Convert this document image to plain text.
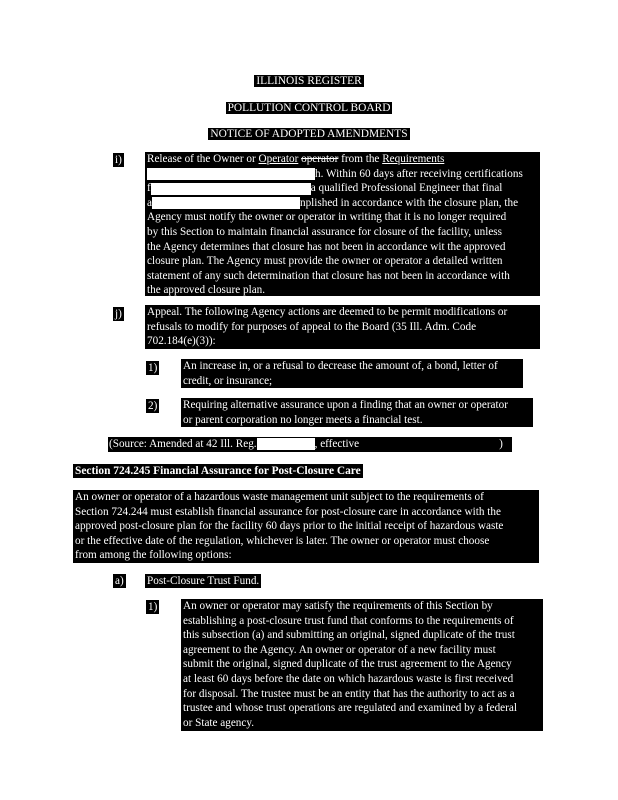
ILLINOIS REGISTER
POLLUTION CONTROL BOARD
NOTICE OF ADOPTED AMENDMENTS
i) Release of the Owner or Operator operator from the Requirements
h. Within 60 days after receiving certifications
f	a qualified Professional Engineer that final
a	nplished in accordance with the closure plan, the
Agency must notify the owner or operator in writing that it is no longer required
by this Section to maintain financial assurance for closure of the facility, unless
the Agency determines that closure has not been in accordance wit the approved
closure plan. The Agency must provide the owner or operator a detailed written
statement of any such determination that closure has not been in accordance with
the approved closure plan.
j) Appeal. The following Agency actions are deemed to be permit modifications or
refusals to modify for purposes of appeal to the Board (35 Ill. Adm. Code
702.184(e)(3)):
1) An increase in, or a refusal to decrease the amount of, a bond, letter of
credit, or insurance;
2) Requiring alternative assurance upon a finding that an owner or operator
or parent corporation no longer meets a financial test.
(Source: Amended at 42 Ill. Reg.	, effective	)
Section 724.245 Financial Assurance for Post-Closure Care
An owner or operator of a hazardous waste management unit subject to the requirements of
Section 724.244 must establish financial assurance for post-closure care in accordance with the
approved post-closure plan for the facility 60 days prior to the initial receipt of hazardous waste
or the effective date of the regulation, whichever is later. The owner or operator must choose
from among the following options:
a) Post-Closure Trust Fund.
1) An owner or operator may satisfy the requirements of this Section by
establishing a post-closure trust fund that conforms to the requirements of
this subsection (a) and submitting an original, signed duplicate of the trust
agreement to the Agency. An owner or operator of a new facility must
submit the original, signed duplicate of the trust agreement to the Agency
at least 60 days before the date on which hazardous waste is first received
for disposal. The trustee must be an entity that has the authority to act as a
trustee and whose trust operations are regulated and examined by a federal
or State agency.
